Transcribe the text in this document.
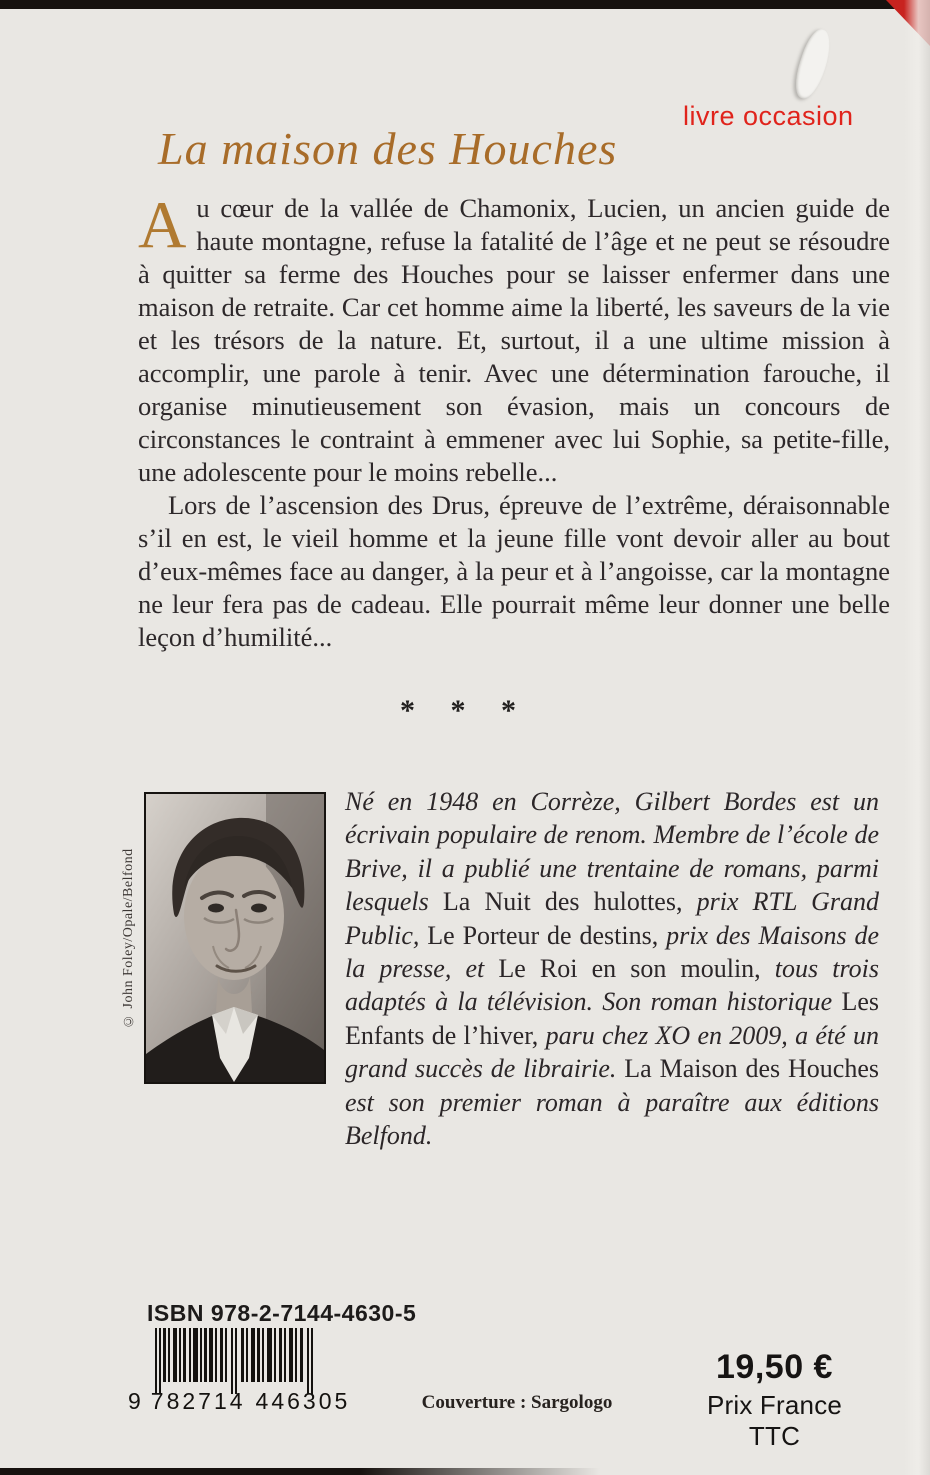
livre occasion
La maison des Houches

Au cœur de la vallée de Chamonix, Lucien, un ancien guide de haute montagne, refuse la fatalité de l’âge et ne peut se résoudre à quitter sa ferme des Houches pour se laisser enfermer dans une maison de retraite. Car cet homme aime la liberté, les saveurs de la vie et les trésors de la nature. Et, surtout, il a une ultime mission à accomplir, une parole à tenir. Avec une détermination farouche, il organise minutieusement son évasion, mais un concours de circonstances le contraint à emmener avec lui Sophie, sa petite-fille, une adolescente pour le moins rebelle...

Lors de l’ascension des Drus, épreuve de l’extrême, déraisonnable s’il en est, le vieil homme et la jeune fille vont devoir aller au bout d’eux-mêmes face au danger, à la peur et à l’angoisse, car la montagne ne leur fera pas de cadeau. Elle pourrait même leur donner une belle leçon d’humilité...

* * *
© John Foley/Opale/Belfond
Né en 1948 en Corrèze, Gilbert Bordes est un écrivain populaire de renom. Membre de l’école de Brive, il a publié une trentaine de romans, parmi lesquels La Nuit des hulottes, prix RTL Grand Public, Le Porteur de destins, prix des Maisons de la presse, et Le Roi en son moulin, tous trois adaptés à la télévision. Son roman historique Les Enfants de l’hiver, paru chez XO en 2009, a été un grand succès de librairie. La Maison des Houches est son premier roman à paraître aux éditions Belfond.
ISBN 978-2-7144-4630-5
9 782714 446305	Couverture : Sargologo
19,50 €
Prix France TTC
